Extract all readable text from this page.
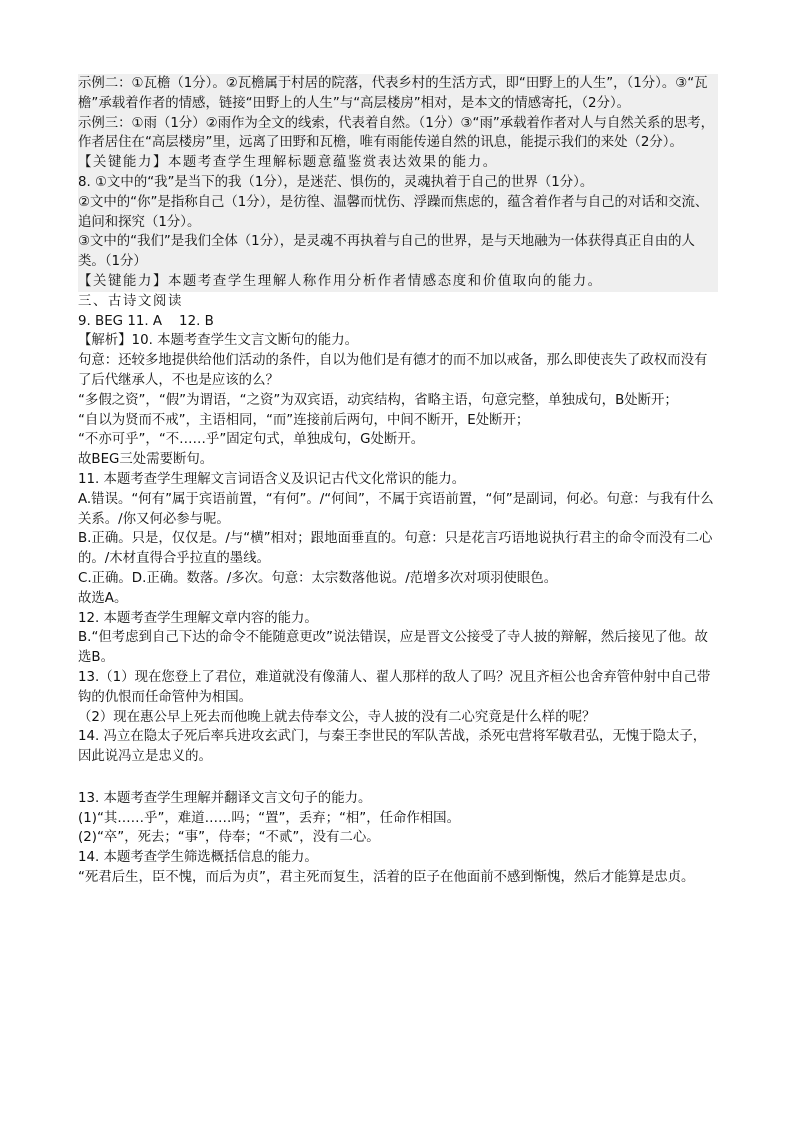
示例二：①瓦檐（1分）。②瓦檐属于村居的院落，代表乡村的生活方式，即“田野上的人生”，（1分）。③“瓦檐”承载着作者的情感，链接“田野上的人生”与“高层楼房”相对，是本文的情感寄托，（2分）。

示例三：①雨（1分）②雨作为全文的线索，代表着自然。（1分）③“雨”承载着作者对人与自然关系的思考，作者居住在“高层楼房”里，远离了田野和瓦檐，唯有雨能传递自然的讯息，能提示我们的来处（2分）。

【关键能力】本题考查学生理解标题意蕴鉴赏表达效果的能力。

8. ①文中的“我”是当下的我（1分），是迷茫、惧伤的，灵魂执着于自己的世界（1分）。

②文中的“你”是指称自己（1分），是彷徨、温馨而忧伤、浮躁而焦虑的，蕴含着作者与自己的对话和交流、追问和探究（1分）。

③文中的“我们”是我们全体（1分），是灵魂不再执着与自己的世界，是与天地融为一体获得真正自由的人类。（1分）

【关键能力】本题考查学生理解人称作用分析作者情感态度和价值取向的能力。

三、古诗文阅读

9. BEG 11. A    12. B

【解析】10. 本题考查学生文言文断句的能力。

句意：还较多地提供给他们活动的条件，自以为他们是有德才的而不加以戒备，那么即使丧失了政权而没有了后代继承人，不也是应该的么？

“多假之资”，“假”为谓语，“之资”为双宾语，动宾结构，省略主语，句意完整，单独成句，B处断开；

“自以为贤而不戒”，主语相同，“而”连接前后两句，中间不断开，E处断开；

“不亦可乎”，“不……乎”固定句式，单独成句，G处断开。

故BEG三处需要断句。

11. 本题考查学生理解文言词语含义及识记古代文化常识的能力。

A.错误。“何有”属于宾语前置，“有何”。/“何间”，不属于宾语前置，“何”是副词，何必。句意：与我有什么关系。/你又何必参与呢。

B.正确。只是，仅仅是。/与“横”相对；跟地面垂直的。句意：只是花言巧语地说执行君主的命令而没有二心的。/木材直得合乎拉直的墨线。

C.正确。D.正确。数落。/多次。句意：太宗数落他说。/范增多次对项羽使眼色。

故选A。

12. 本题考查学生理解文章内容的能力。

B.“但考虑到自己下达的命令不能随意更改”说法错误，应是晋文公接受了寺人披的辩解，然后接见了他。故选B。

13.（1）现在您登上了君位，难道就没有像蒲人、翟人那样的敌人了吗？况且齐桓公也舍弃管仲射中自己带钩的仇恨而任命管仲为相国。

（2）现在惠公早上死去而他晚上就去侍奉文公，寺人披的没有二心究竟是什么样的呢？

14. 冯立在隐太子死后率兵进攻玄武门，与秦王李世民的军队苦战，杀死屯营将军敬君弘，无愧于隐太子，因此说冯立是忠义的。

13. 本题考查学生理解并翻译文言文句子的能力。

(1)“其……乎”，难道……吗；“置”，丢弃；“相”，任命作相国。

(2)“卒”，死去；“事”，侍奉；“不贰”，没有二心。

14. 本题考查学生筛选概括信息的能力。

“死君后生，臣不愧，而后为贞”，君主死而复生，活着的臣子在他面前不感到惭愧，然后才能算是忠贞。
